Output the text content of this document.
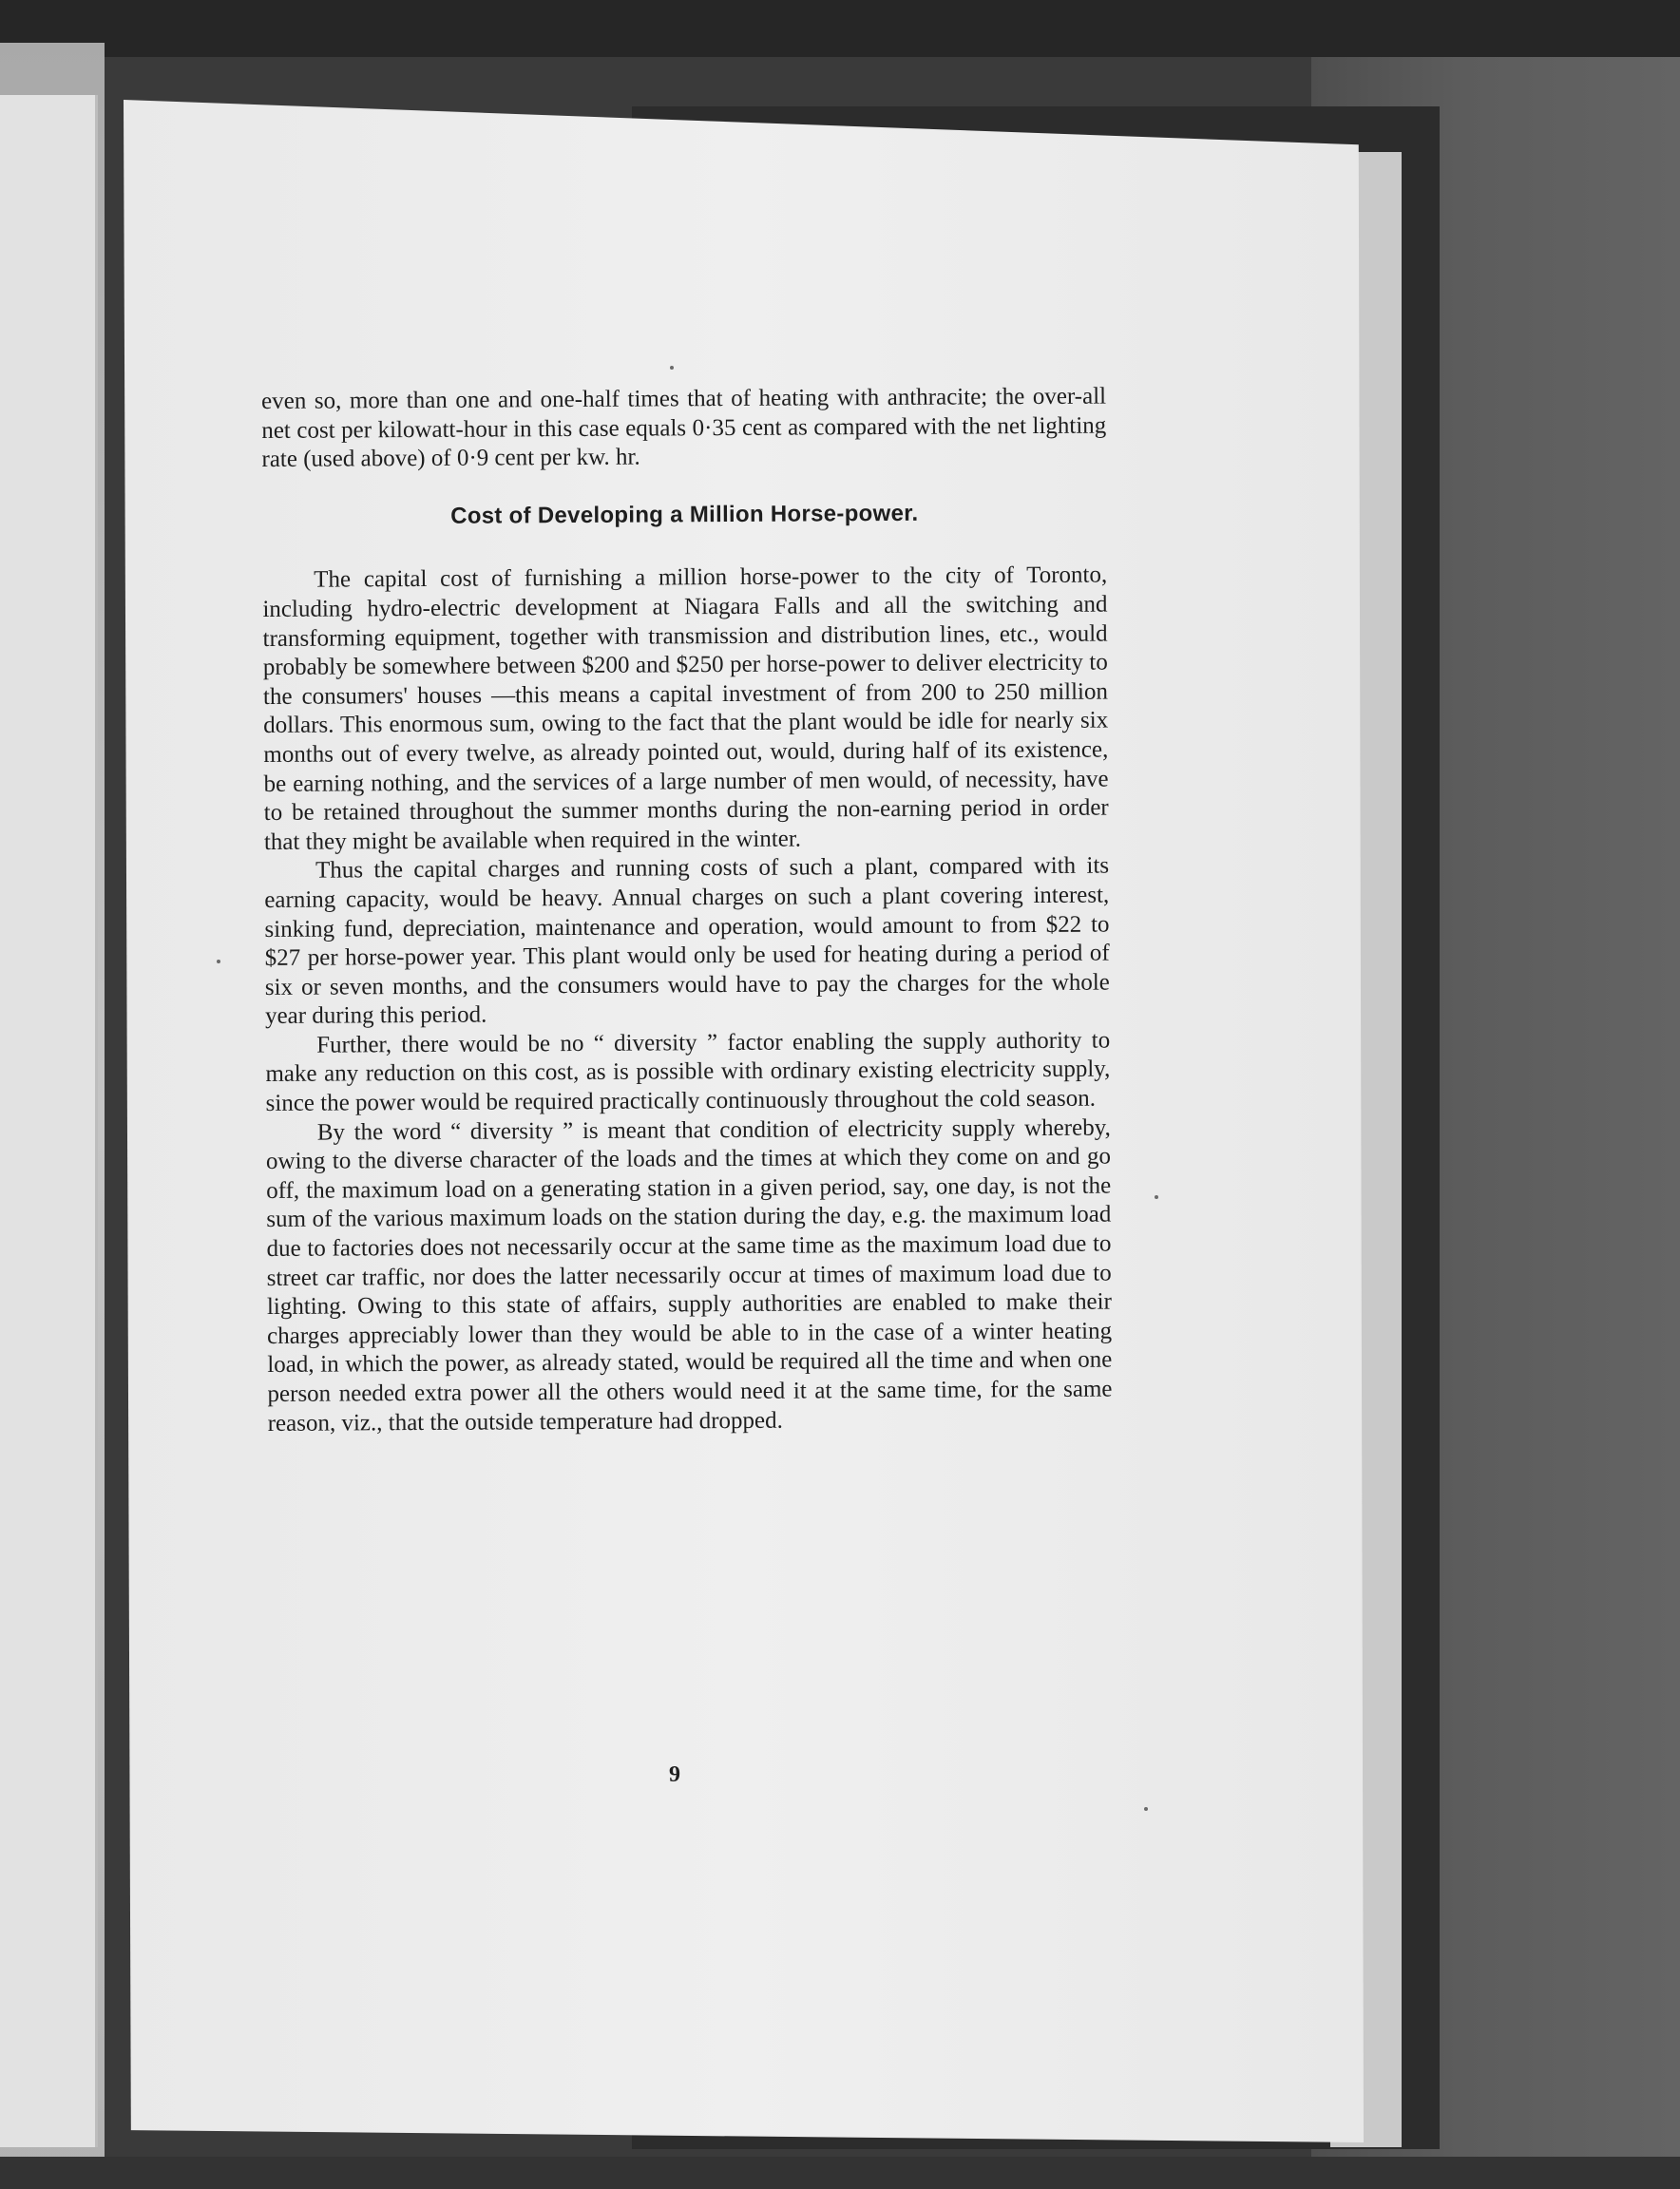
even so, more than one and one-half times that of heating with anthracite; the over-all net cost per kilowatt-hour in this case equals 0·35 cent as compared with the net lighting rate (used above) of 0·9 cent per kw. hr.

Cost of Developing a Million Horse-power.

The capital cost of furnishing a million horse-power to the city of Toronto, including hydro-electric development at Niagara Falls and all the switching and transforming equipment, together with transmission and distribution lines, etc., would probably be somewhere between $200 and $250 per horse-power to deliver electricity to the consumers' houses —this means a capital investment of from 200 to 250 million dollars. This enormous sum, owing to the fact that the plant would be idle for nearly six months out of every twelve, as already pointed out, would, during half of its existence, be earning nothing, and the services of a large number of men would, of necessity, have to be retained throughout the summer months during the non-earning period in order that they might be available when required in the winter.

Thus the capital charges and running costs of such a plant, compared with its earning capacity, would be heavy. Annual charges on such a plant covering interest, sinking fund, depreciation, maintenance and operation, would amount to from $22 to $27 per horse-power year. This plant would only be used for heating during a period of six or seven months, and the consumers would have to pay the charges for the whole year during this period.

Further, there would be no “ diversity ” factor enabling the supply authority to make any reduction on this cost, as is possible with ordinary existing electricity supply, since the power would be required practically continuously throughout the cold season.

By the word “ diversity ” is meant that condition of electricity supply whereby, owing to the diverse character of the loads and the times at which they come on and go off, the maximum load on a generating station in a given period, say, one day, is not the sum of the various maximum loads on the station during the day, e.g. the maximum load due to factories does not necessarily occur at the same time as the maximum load due to street car traffic, nor does the latter necessarily occur at times of maximum load due to lighting. Owing to this state of affairs, supply authorities are enabled to make their charges appreciably lower than they would be able to in the case of a winter heating load, in which the power, as already stated, would be required all the time and when one person needed extra power all the others would need it at the same time, for the same reason, viz., that the outside temperature had dropped.

9
